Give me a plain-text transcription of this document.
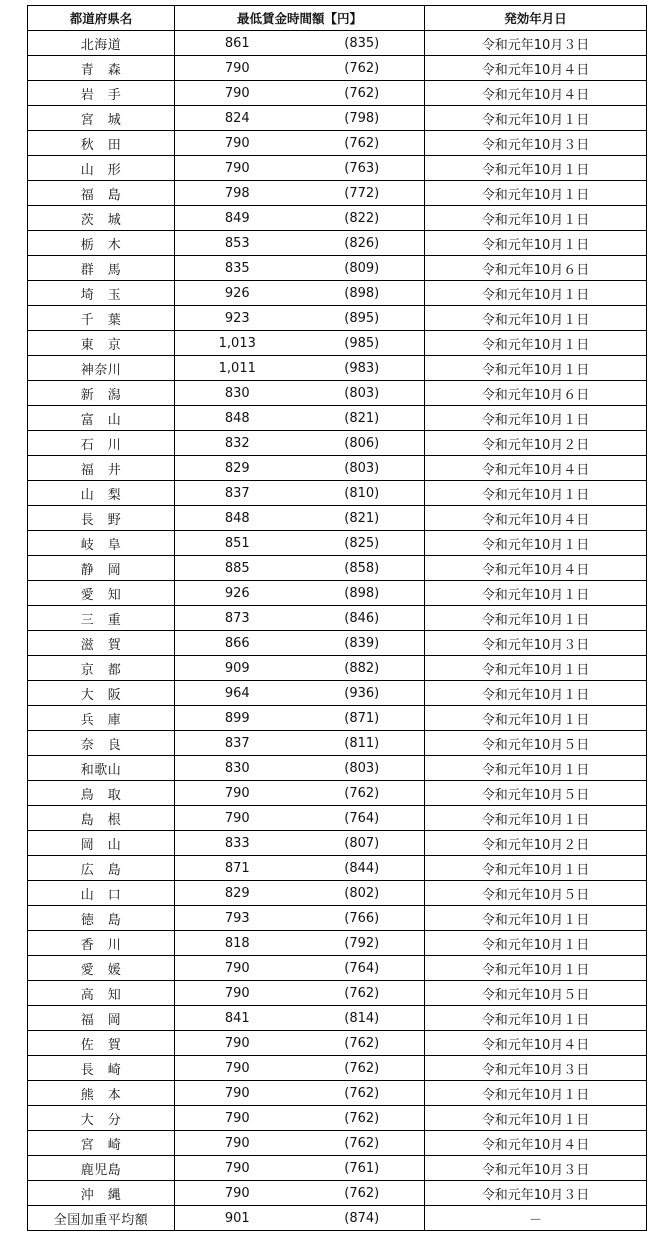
都道府県名	最低賃金時間額【円】		発効年月日
北海道	861	(835)	令和元年10月３日
青　森	790	(762)	令和元年10月４日
岩　手	790	(762)	令和元年10月４日
宮　城	824	(798)	令和元年10月１日
秋　田	790	(762)	令和元年10月３日
山　形	790	(763)	令和元年10月１日
福　島	798	(772)	令和元年10月１日
茨　城	849	(822)	令和元年10月１日
栃　木	853	(826)	令和元年10月１日
群　馬	835	(809)	令和元年10月６日
埼　玉	926	(898)	令和元年10月１日
千　葉	923	(895)	令和元年10月１日
東　京	1,013	(985)	令和元年10月１日
神奈川	1,011	(983)	令和元年10月１日
新　潟	830	(803)	令和元年10月６日
富　山	848	(821)	令和元年10月１日
石　川	832	(806)	令和元年10月２日
福　井	829	(803)	令和元年10月４日
山　梨	837	(810)	令和元年10月１日
長　野	848	(821)	令和元年10月４日
岐　阜	851	(825)	令和元年10月１日
静　岡	885	(858)	令和元年10月４日
愛　知	926	(898)	令和元年10月１日
三　重	873	(846)	令和元年10月１日
滋　賀	866	(839)	令和元年10月３日
京　都	909	(882)	令和元年10月１日
大　阪	964	(936)	令和元年10月１日
兵　庫	899	(871)	令和元年10月１日
奈　良	837	(811)	令和元年10月５日
和歌山	830	(803)	令和元年10月１日
鳥　取	790	(762)	令和元年10月５日
島　根	790	(764)	令和元年10月１日
岡　山	833	(807)	令和元年10月２日
広　島	871	(844)	令和元年10月１日
山　口	829	(802)	令和元年10月５日
徳　島	793	(766)	令和元年10月１日
香　川	818	(792)	令和元年10月１日
愛　媛	790	(764)	令和元年10月１日
高　知	790	(762)	令和元年10月５日
福　岡	841	(814)	令和元年10月１日
佐　賀	790	(762)	令和元年10月４日
長　崎	790	(762)	令和元年10月３日
熊　本	790	(762)	令和元年10月１日
大　分	790	(762)	令和元年10月１日
宮　崎	790	(762)	令和元年10月４日
鹿児島	790	(761)	令和元年10月３日
沖　縄	790	(762)	令和元年10月３日
全国加重平均額	901	(874)	－
